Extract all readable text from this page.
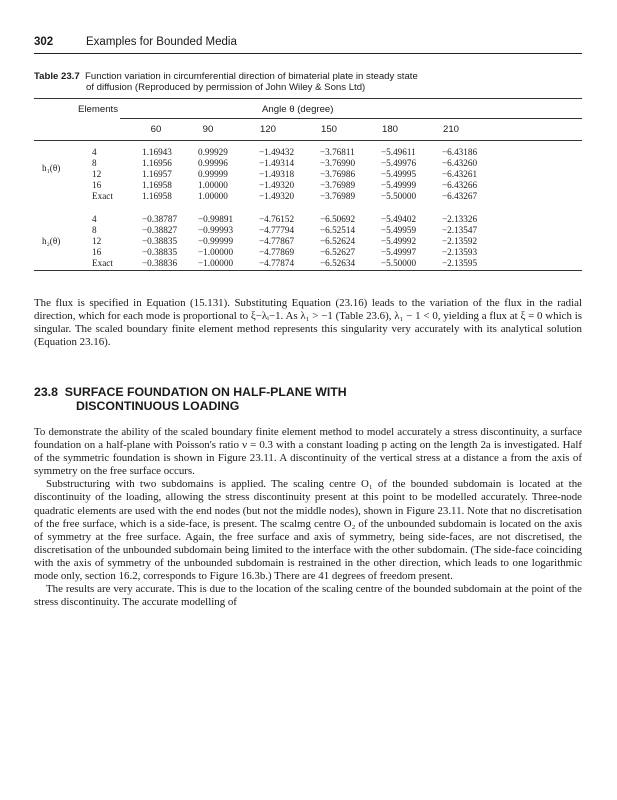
302	Examples for Bounded Media
Table 23.7 Function variation in circumferential direction of bimaterial plate in steady state
of diffusion (Reproduced by permission of John Wiley & Sons Ltd)
Elements	Angle θ (degree)
60	90	120	150	180	210
h₁(θ)
4	1.16943	0.99929	−1.49432	−3.76811	−5.49611	−6.43186
8	1.16956	0.99996	−1.49314	−3.76990	−5.49976	−6.43260
12	1.16957	0.99999	−1.49318	−3.76986	−5.49995	−6.43261
16	1.16958	1.00000	−1.49320	−3.76989	−5.49999	−6.43266
Exact	1.16958	1.00000	−1.49320	−3.76989	−5.50000	−6.43267
h₂(θ)
4	−0.38787	−0.99891	−4.76152	−6.50692	−5.49402	−2.13326
8	−0.38827	−0.99993	−4.77794	−6.52514	−5.49959	−2.13547
12	−0.38835	−0.99999	−4.77867	−6.52624	−5.49992	−2.13592
16	−0.38835	−1.00000	−4.77869	−6.52627	−5.49997	−2.13593
Exact	−0.38836	−1.00000	−4.77874	−6.52634	−5.50000	−2.13595

The flux is specified in Equation (15.131). Substituting Equation (23.16) leads to the variation of the flux in the radial direction, which for each mode is proportional to ξ−λᵢ−1. As λ₁ > −1 (Table 23.6), λ₁ − 1 < 0, yielding a flux at ξ = 0 which is singular. The scaled boundary finite element method represents this singularity very accurately with its analytical solution (Equation 23.16).

23.8 SURFACE FOUNDATION ON HALF-PLANE WITH
DISCONTINUOUS LOADING

To demonstrate the ability of the scaled boundary finite element method to model accurately a stress discontinuity, a surface foundation on a half-plane with Poisson's ratio ν = 0.3 with a constant loading p acting on the length 2a is investigated. Half of the symmetric foundation is shown in Figure 23.11. A discontinuity of the vertical stress at a distance a from the axis of symmetry on the free surface occurs.

Substructuring with two subdomains is applied. The scaling centre O₁ of the bounded subdomain is located at the discontinuity of the loading, allowing the stress discontinuity present at this point to be modelled accurately. Three-node quadratic elements are used with the end nodes (but not the middle nodes), shown in Figure 23.11. Note that no discretisation of the free surface, which is a side-face, is present. The scalmg centre O₂ of the unbounded subdomain is located on the axis of symmetry at the free surface. Again, the free surface and axis of symmetry, being side-faces, are not discretised, the discretisation of the unbounded subdomain being limited to the interface with the other subdomain. (The side-face coinciding with the axis of symmetry of the unbounded subdomain is restrained in the other direction, which leads to one logarithmic mode only, section 16.2, corresponds to Figure 16.3b.) There are 41 degrees of freedom present.

The results are very accurate. This is due to the location of the scaling centre of the bounded subdomain at the point of the stress discontinuity. The accurate modelling of
